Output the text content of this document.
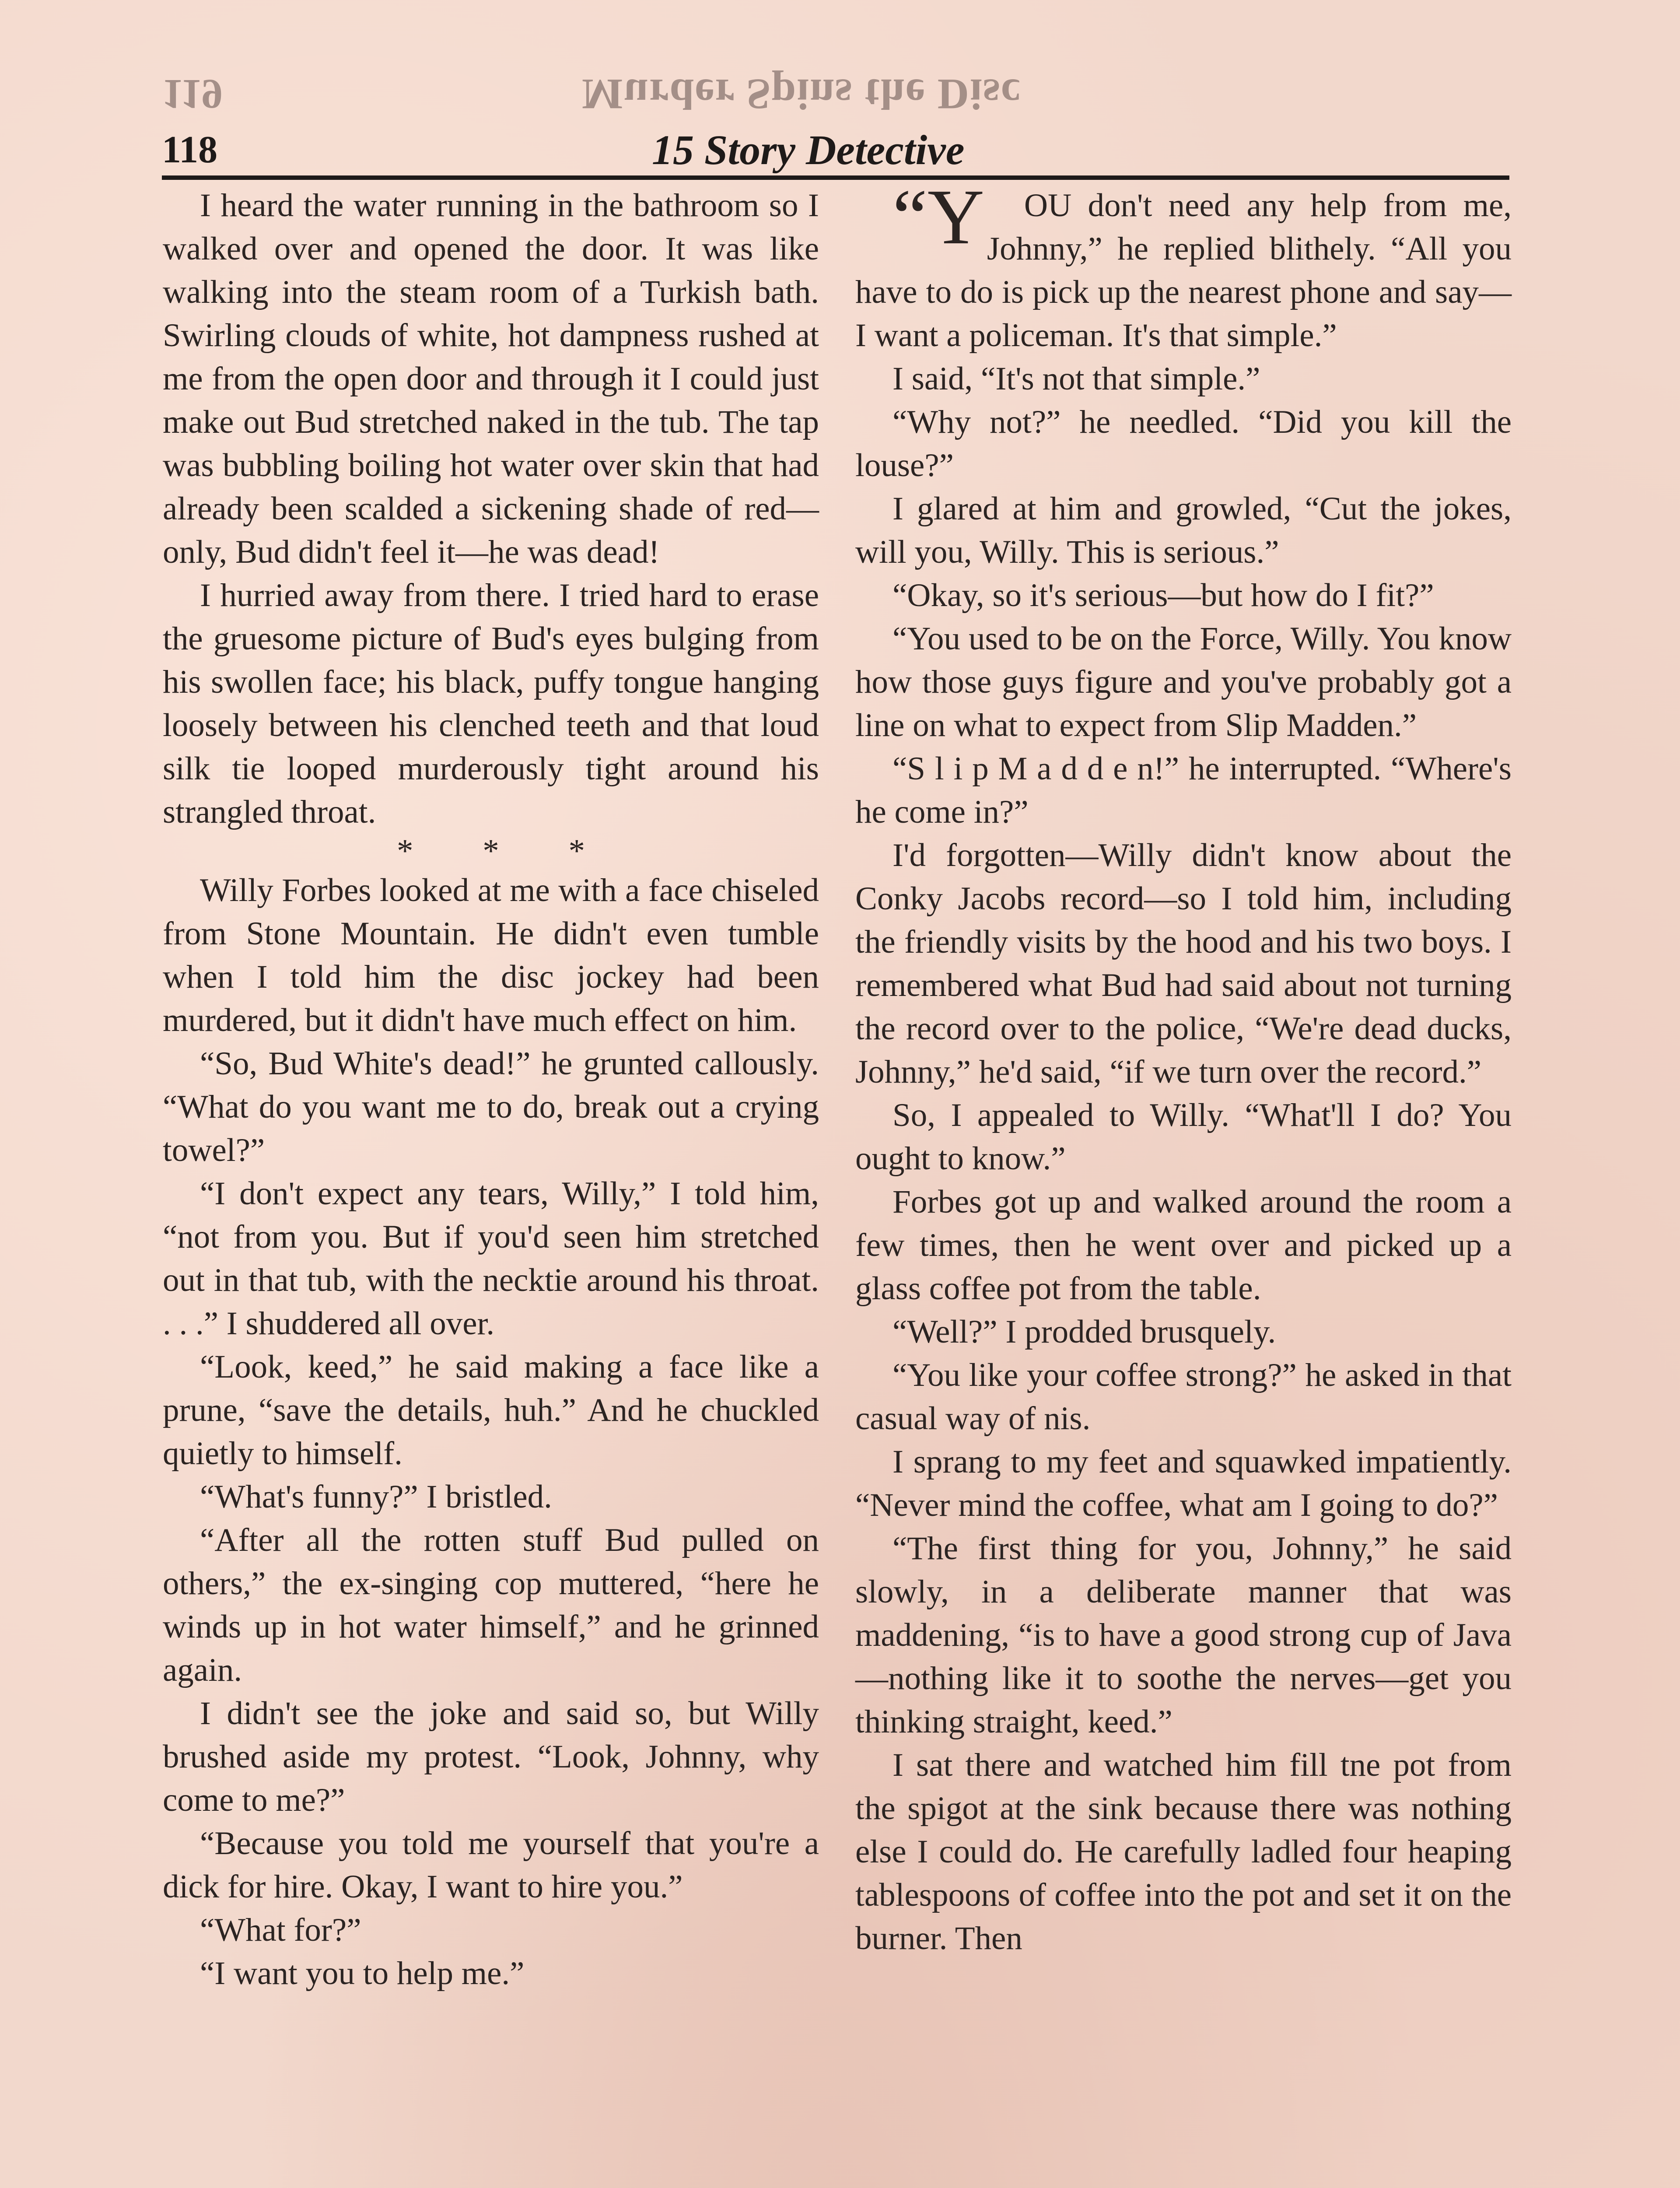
119	Murder Spins the Disc
118	15 Story Detective

I heard the water running in the bathroom so I walked over and opened the door. It was like walking into the steam room of a Turkish bath. Swirling clouds of white, hot dampness rushed at me from the open door and through it I could just make out Bud stretched naked in the tub. The tap was bubbling boiling hot water over skin that had already been scalded a sickening shade of red—only, Bud didn't feel it—he was dead!

I hurried away from there. I tried hard to erase the gruesome picture of Bud's eyes bulging from his swollen face; his black, puffy tongue hanging loosely between his clenched teeth and that loud silk tie looped murderously tight around his strangled throat.

* * *

Willy Forbes looked at me with a face chiseled from Stone Mountain. He didn't even tumble when I told him the disc jockey had been murdered, but it didn't have much effect on him.

“So, Bud White's dead!” he grunted callously. “What do you want me to do, break out a crying towel?”

“I don't expect any tears, Willy,” I told him, “not from you. But if you'd seen him stretched out in that tub, with the necktie around his throat. . . .” I shuddered all over.

“Look, keed,” he said making a face like a prune, “save the details, huh.” And he chuckled quietly to himself.

“What's funny?” I bristled.

“After all the rotten stuff Bud pulled on others,” the ex-singing cop muttered, “here he winds up in hot water himself,” and he grinned again.

I didn't see the joke and said so, but Willy brushed aside my protest. “Look, Johnny, why come to me?”

“Because you told me yourself that you're a dick for hire. Okay, I want to hire you.”

“What for?”

“I want you to help me.”

“Y OU don't need any help from me, Johnny,” he replied blithely. “All you have to do is pick up the nearest phone and say—I want a policeman. It's that simple.”

I said, “It's not that simple.”

“Why not?” he needled. “Did you kill the louse?”

I glared at him and growled, “Cut the jokes, will you, Willy. This is serious.”

“Okay, so it's serious—but how do I fit?”

“You used to be on the Force, Willy. You know how those guys figure and you've probably got a line on what to expect from Slip Madden.”

“S l i p M a d d e n!” he interrupted. “Where's he come in?”

I'd forgotten—Willy didn't know about the Conky Jacobs record—so I told him, including the friendly visits by the hood and his two boys. I remembered what Bud had said about not turning the record over to the police, “We're dead ducks, Johnny,” he'd said, “if we turn over the record.”

So, I appealed to Willy. “What'll I do? You ought to know.”

Forbes got up and walked around the room a few times, then he went over and picked up a glass coffee pot from the table.

“Well?” I prodded brusquely.

“You like your coffee strong?” he asked in that casual way of nis.

I sprang to my feet and squawked impatiently. “Never mind the coffee, what am I going to do?”

“The first thing for you, Johnny,” he said slowly, in a deliberate manner that was maddening, “is to have a good strong cup of Java—nothing like it to soothe the nerves—get you thinking straight, keed.”

I sat there and watched him fill tne pot from the spigot at the sink because there was nothing else I could do. He carefully ladled four heaping tablespoons of coffee into the pot and set it on the burner. Then
